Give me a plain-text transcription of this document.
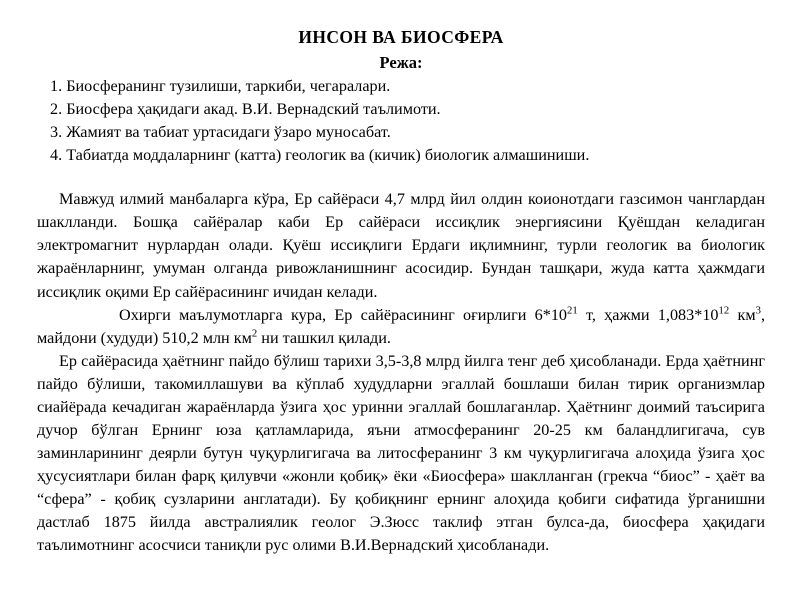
ИНСОН ВА БИОСФЕРА
Режа:
1. Биосферанинг тузилиши, таркиби, чегаралари.
2. Биосфера ҳақидаги акад. В.И. Вернадский таълимоти.
3. Жамият ва табиат уртасидаги ўзаро муносабат.
4. Табиатда моддаларнинг (катта) геологик ва (кичик) биологик алмашиниши.

Мавжуд илмий манбаларга кўра, Ер сайёраси 4,7 млрд йил олдин коионотдаги газсимон чанглардан шаклланди. Бошқа сайёралар каби Ер сайёраси иссиқлик энергиясини Қуёшдан келадиган электромагнит нурлардан олади. Қуёш иссиқлиги Ердаги иқлимнинг, турли геологик ва биологик жараёнларнинг, умуман олганда ривожланишнинг асосидир. Бундан ташқари, жуда катта ҳажмдаги иссиқлик оқими Ер сайёрасининг ичидан келади.

Охирги маълумотларга кура, Ер сайёрасининг оғирлиги $6*10^{21}$ т, ҳажми $1,083*10^{12}$ $км^3$, майдони (худуди) 510,2 млн $км^2$ ни ташкил қилади.

Ер сайёрасида ҳаётнинг пайдо бўлиш тарихи 3,5-3,8 млрд йилга тенг деб ҳисобланади. Ерда ҳаётнинг пайдо бўлиши, такомиллашуви ва кўплаб худудларни эгаллай бошлаши билан тирик организмлар сиайёрада кечадиган жараёнларда ўзига ҳос уринни эгаллай бошлаганлар. Ҳаётнинг доимий таъсирига дучор бўлган Ернинг юза қатламларида, яъни атмосферанинг 20-25 км баландлигигача, сув заминларининг деярли бутун чуқурлигигача ва литосферанинг 3 км чуқурлигигача алоҳида ўзига ҳос ҳусусиятлари билан фарқ қилувчи «жонли қобиқ» ёки «Биосфера» шаклланган (грекча “биос” - ҳаёт ва “сфера” - қобиқ сузларини англатади). Бу қобиқнинг ернинг алоҳида қобиги сифатида ўрганишни дастлаб 1875 йилда австралиялик геолог Э.Зюсс таклиф этган булса-да, биосфера ҳақидаги таълимотнинг асосчиси таниқли рус олими В.И.Вернадский ҳисобланади.
